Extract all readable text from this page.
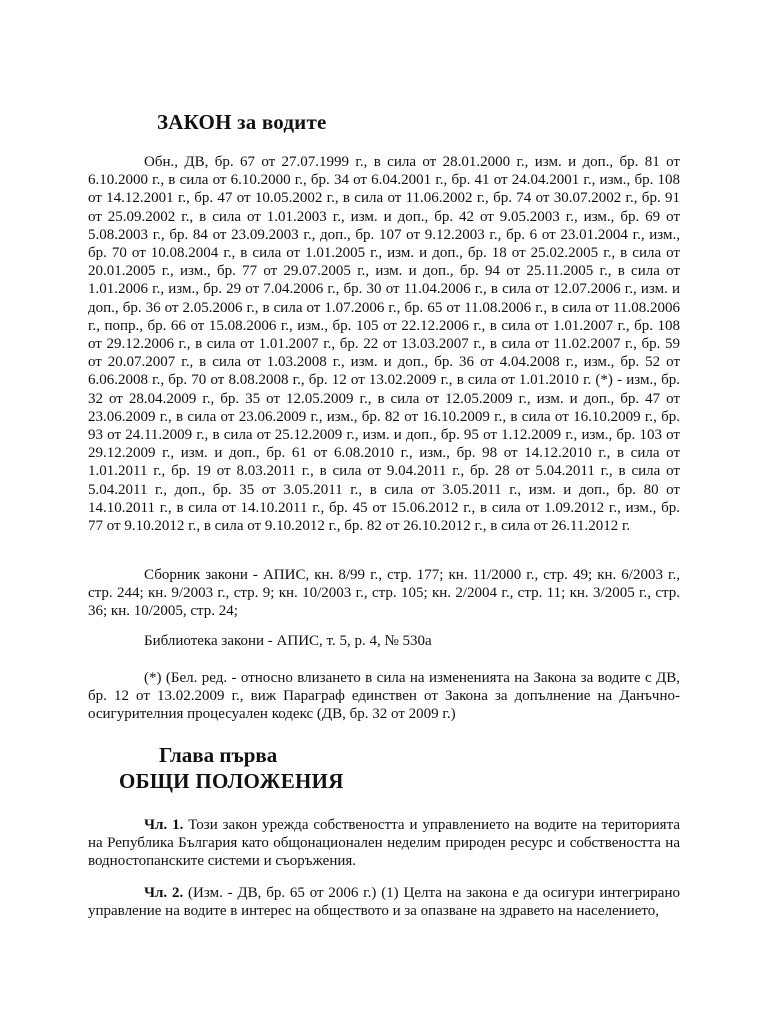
ЗАКОН за водите

Обн., ДВ, бр. 67 от 27.07.1999 г., в сила от 28.01.2000 г., изм. и доп., бр. 81 от 6.10.2000 г., в сила от 6.10.2000 г., бр. 34 от 6.04.2001 г., бр. 41 от 24.04.2001 г., изм., бр. 108 от 14.12.2001 г., бр. 47 от 10.05.2002 г., в сила от 11.06.2002 г., бр. 74 от 30.07.2002 г., бр. 91 от 25.09.2002 г., в сила от 1.01.2003 г., изм. и доп., бр. 42 от 9.05.2003 г., изм., бр. 69 от 5.08.2003 г., бр. 84 от 23.09.2003 г., доп., бр. 107 от 9.12.2003 г., бр. 6 от 23.01.2004 г., изм., бр. 70 от 10.08.2004 г., в сила от 1.01.2005 г., изм. и доп., бр. 18 от 25.02.2005 г., в сила от 20.01.2005 г., изм., бр. 77 от 29.07.2005 г., изм. и доп., бр. 94 от 25.11.2005 г., в сила от 1.01.2006 г., изм., бр. 29 от 7.04.2006 г., бр. 30 от 11.04.2006 г., в сила от 12.07.2006 г., изм. и доп., бр. 36 от 2.05.2006 г., в сила от 1.07.2006 г., бр. 65 от 11.08.2006 г., в сила от 11.08.2006 г., попр., бр. 66 от 15.08.2006 г., изм., бр. 105 от 22.12.2006 г., в сила от 1.01.2007 г., бр. 108 от 29.12.2006 г., в сила от 1.01.2007 г., бр. 22 от 13.03.2007 г., в сила от 11.02.2007 г., бр. 59 от 20.07.2007 г., в сила от 1.03.2008 г., изм. и доп., бр. 36 от 4.04.2008 г., изм., бр. 52 от 6.06.2008 г., бр. 70 от 8.08.2008 г., бр. 12 от 13.02.2009 г., в сила от 1.01.2010 г. (*) - изм., бр. 32 от 28.04.2009 г., бр. 35 от 12.05.2009 г., в сила от 12.05.2009 г., изм. и доп., бр. 47 от 23.06.2009 г., в сила от 23.06.2009 г., изм., бр. 82 от 16.10.2009 г., в сила от 16.10.2009 г., бр. 93 от 24.11.2009 г., в сила от 25.12.2009 г., изм. и доп., бр. 95 от 1.12.2009 г., изм., бр. 103 от 29.12.2009 г., изм. и доп., бр. 61 от 6.08.2010 г., изм., бр. 98 от 14.12.2010 г., в сила от 1.01.2011 г., бр. 19 от 8.03.2011 г., в сила от 9.04.2011 г., бр. 28 от 5.04.2011 г., в сила от 5.04.2011 г., доп., бр. 35 от 3.05.2011 г., в сила от 3.05.2011 г., изм. и доп., бр. 80 от 14.10.2011 г., в сила от 14.10.2011 г., бр. 45 от 15.06.2012 г., в сила от 1.09.2012 г., изм., бр. 77 от 9.10.2012 г., в сила от 9.10.2012 г., бр. 82 от 26.10.2012 г., в сила от 26.11.2012 г.

Сборник закони - АПИС, кн. 8/99 г., стр. 177; кн. 11/2000 г., стр. 49; кн. 6/2003 г., стр. 244; кн. 9/2003 г., стр. 9; кн. 10/2003 г., стр. 105; кн. 2/2004 г., стр. 11; кн. 3/2005 г., стр. 36; кн. 10/2005, стр. 24;

Библиотека закони - АПИС, т. 5, р. 4, № 530а

(*) (Бел. ред. - относно влизането в сила на измененията на Закона за водите с ДВ, бр. 12 от 13.02.2009 г., виж Параграф единствен от Закона за допълнение на Данъчно-осигурителния процесуален кодекс (ДВ, бр. 32 от 2009 г.)

Глава първа
ОБЩИ ПОЛОЖЕНИЯ

Чл. 1. Този закон урежда собствеността и управлението на водите на територията на Република България като общонационален неделим природен ресурс и собствеността на водностопанските системи и съоръжения.

Чл. 2. (Изм. - ДВ, бр. 65 от 2006 г.) (1) Целта на закона е да осигури интегрирано управление на водите в интерес на обществото и за опазване на здравето на населението,
